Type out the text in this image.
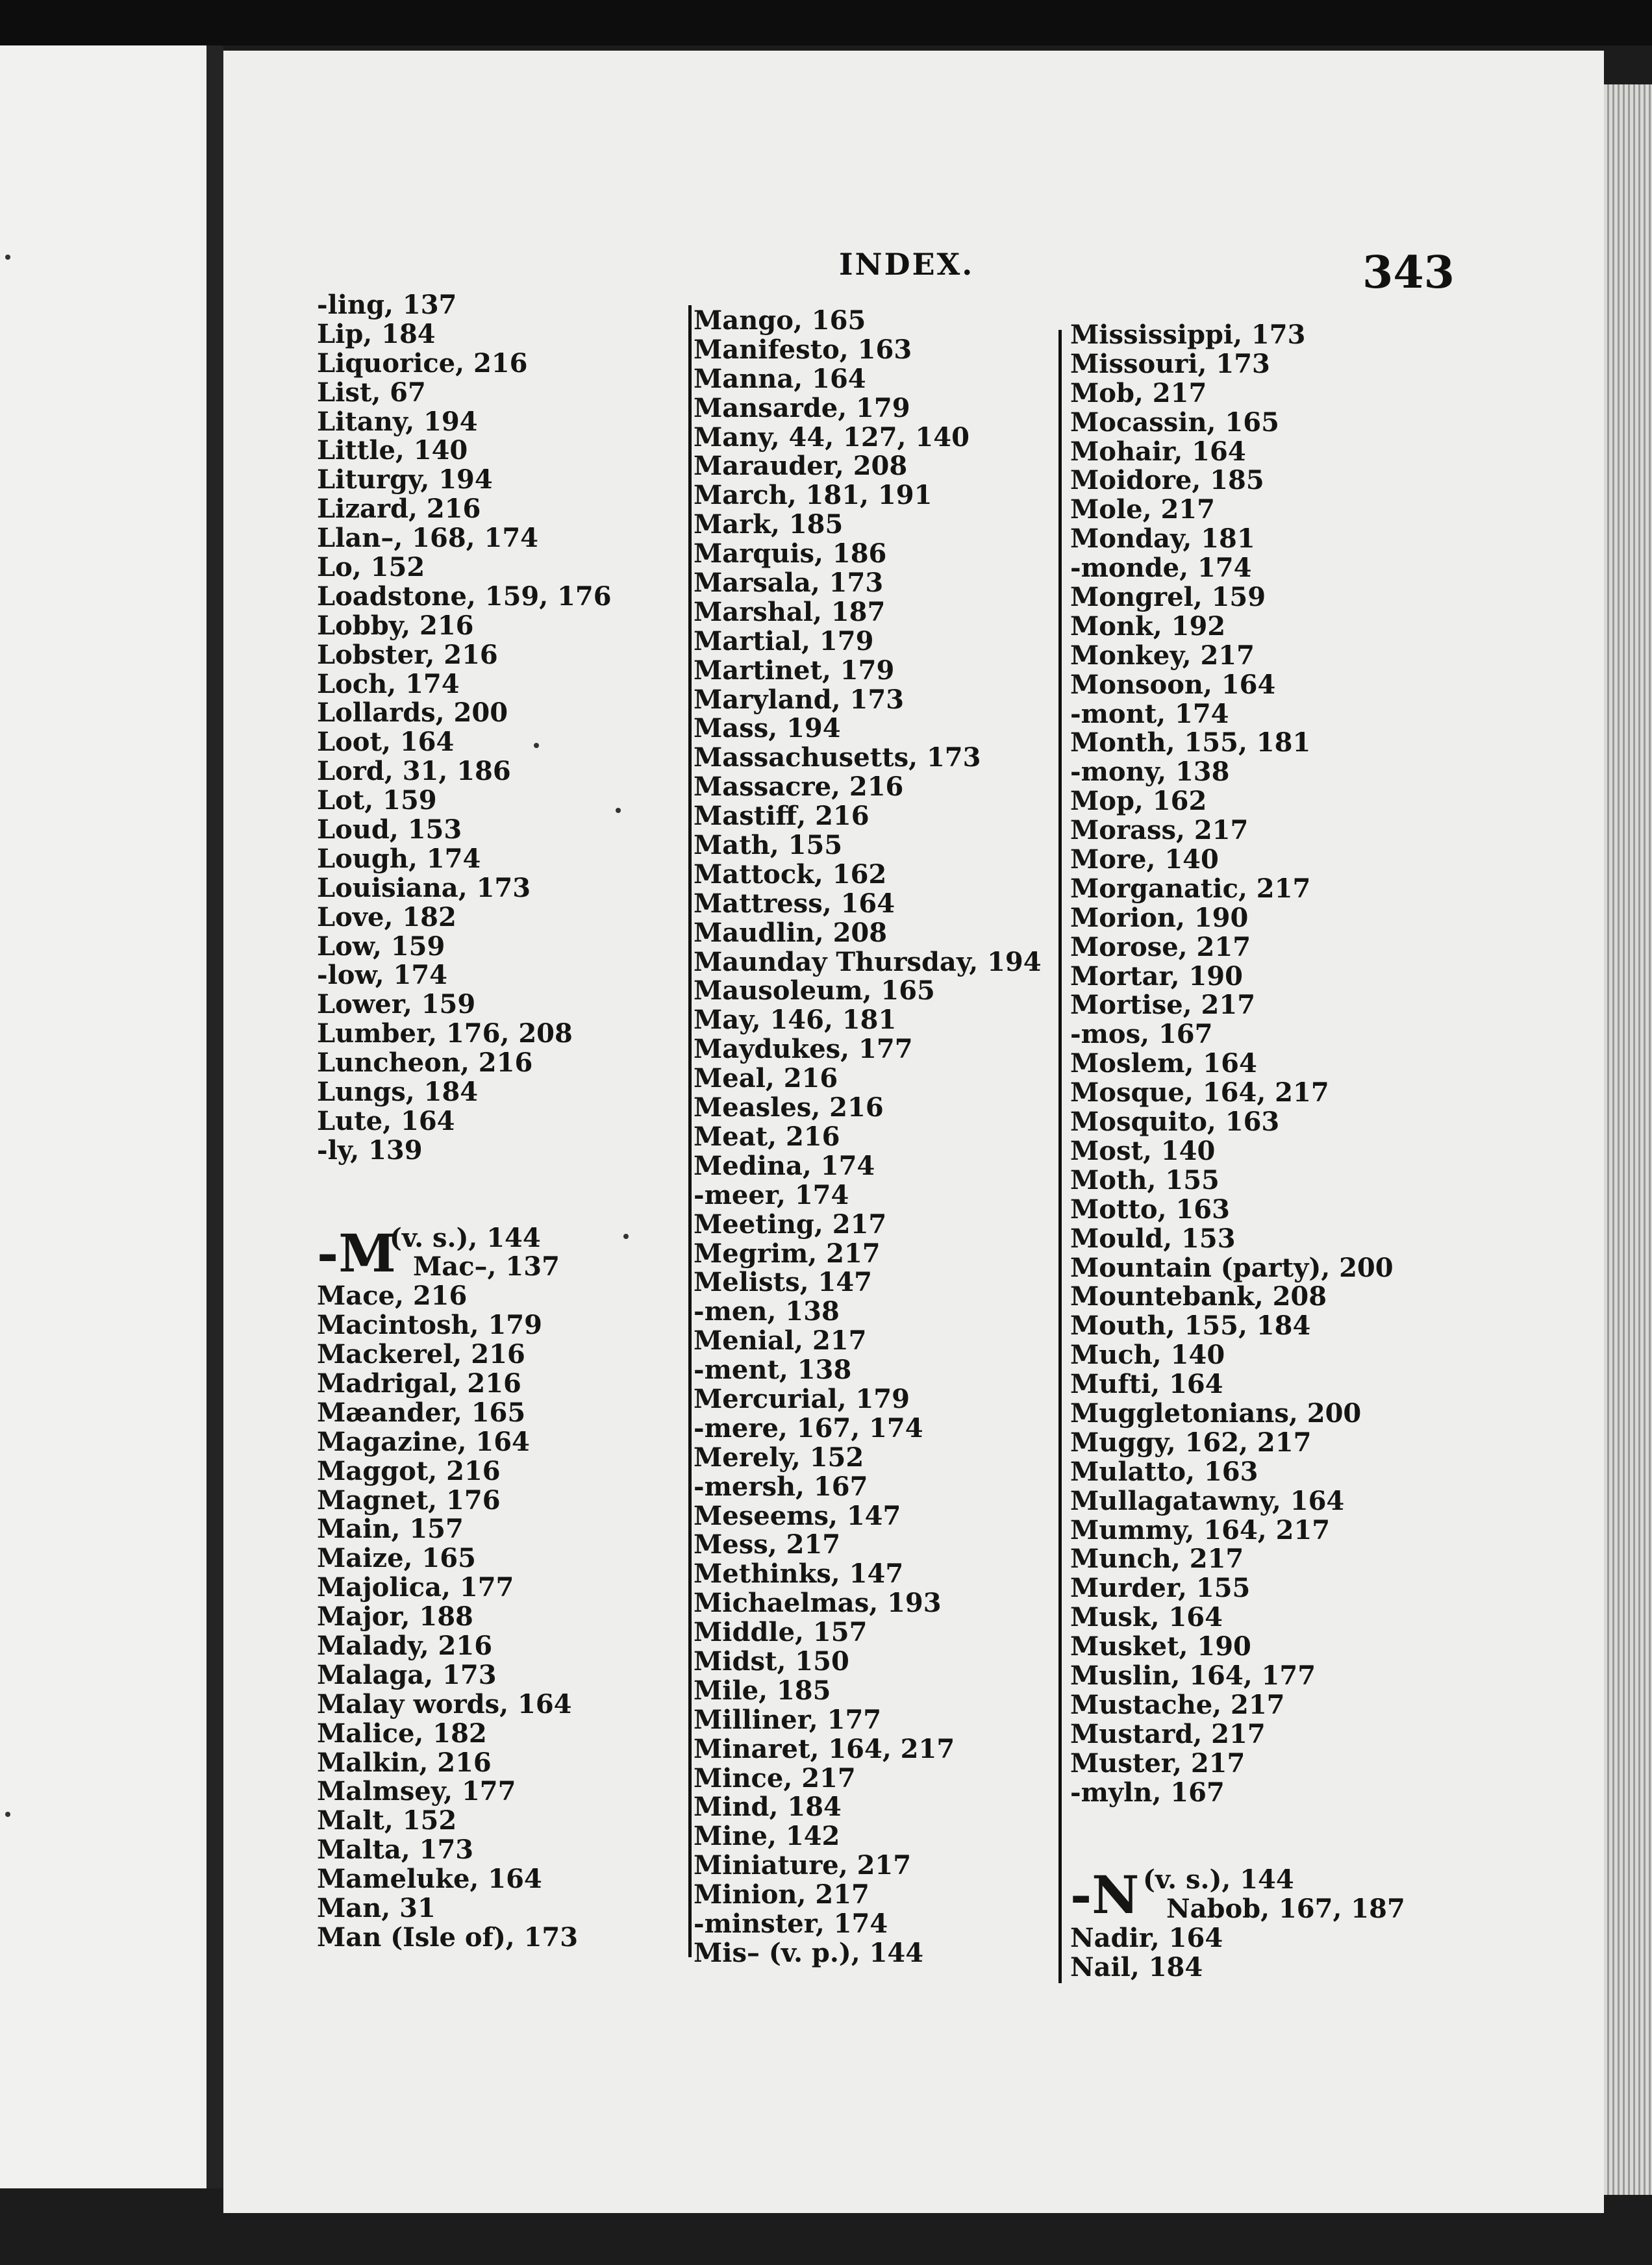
INDEX.	343
-ling, 137
Lip, 184
Liquorice, 216
List, 67
Litany, 194
Little, 140
Liturgy, 194
Lizard, 216
Llan–, 168, 174
Lo, 152
Loadstone, 159, 176
Lobby, 216
Lobster, 216
Loch, 174
Lollards, 200
Loot, 164
Lord, 31, 186
Lot, 159
Loud, 153
Lough, 174
Louisiana, 173
Love, 182
Low, 159
-low, 174
Lower, 159
Lumber, 176, 208
Luncheon, 216
Lungs, 184
Lute, 164
-ly, 139
-M
(v. s.), 144
Mac–, 137
Mace, 216
Macintosh, 179
Mackerel, 216
Madrigal, 216
Mæander, 165
Magazine, 164
Maggot, 216
Magnet, 176
Main, 157
Maize, 165
Majolica, 177
Major, 188
Malady, 216
Malaga, 173
Malay words, 164
Malice, 182
Malkin, 216
Malmsey, 177
Malt, 152
Malta, 173
Mameluke, 164
Man, 31
Man (Isle of), 173
Mango, 165
Manifesto, 163
Manna, 164
Mansarde, 179
Many, 44, 127, 140
Marauder, 208
March, 181, 191
Mark, 185
Marquis, 186
Marsala, 173
Marshal, 187
Martial, 179
Martinet, 179
Maryland, 173
Mass, 194
Massachusetts, 173
Massacre, 216
Mastiff, 216
Math, 155
Mattock, 162
Mattress, 164
Maudlin, 208
Maunday Thursday, 194
Mausoleum, 165
May, 146, 181
Maydukes, 177
Meal, 216
Measles, 216
Meat, 216
Medina, 174
-meer, 174
Meeting, 217
Megrim, 217
Melists, 147
-men, 138
Menial, 217
-ment, 138
Mercurial, 179
-mere, 167, 174
Merely, 152
-mersh, 167
Meseems, 147
Mess, 217
Methinks, 147
Michaelmas, 193
Middle, 157
Midst, 150
Mile, 185
Milliner, 177
Minaret, 164, 217
Mince, 217
Mind, 184
Mine, 142
Miniature, 217
Minion, 217
-minster, 174
Mis– (v. p.), 144
Mississippi, 173
Missouri, 173
Mob, 217
Mocassin, 165
Mohair, 164
Moidore, 185
Mole, 217
Monday, 181
-monde, 174
Mongrel, 159
Monk, 192
Monkey, 217
Monsoon, 164
-mont, 174
Month, 155, 181
-mony, 138
Mop, 162
Morass, 217
More, 140
Morganatic, 217
Morion, 190
Morose, 217
Mortar, 190
Mortise, 217
-mos, 167
Moslem, 164
Mosque, 164, 217
Mosquito, 163
Most, 140
Moth, 155
Motto, 163
Mould, 153
Mountain (party), 200
Mountebank, 208
Mouth, 155, 184
Much, 140
Mufti, 164
Muggletonians, 200
Muggy, 162, 217
Mulatto, 163
Mullagatawny, 164
Mummy, 164, 217
Munch, 217
Murder, 155
Musk, 164
Musket, 190
Muslin, 164, 177
Mustache, 217
Mustard, 217
Muster, 217
-myln, 167
-N (v. s.), 144
Nabob, 167, 187
Nadir, 164
Nail, 184
